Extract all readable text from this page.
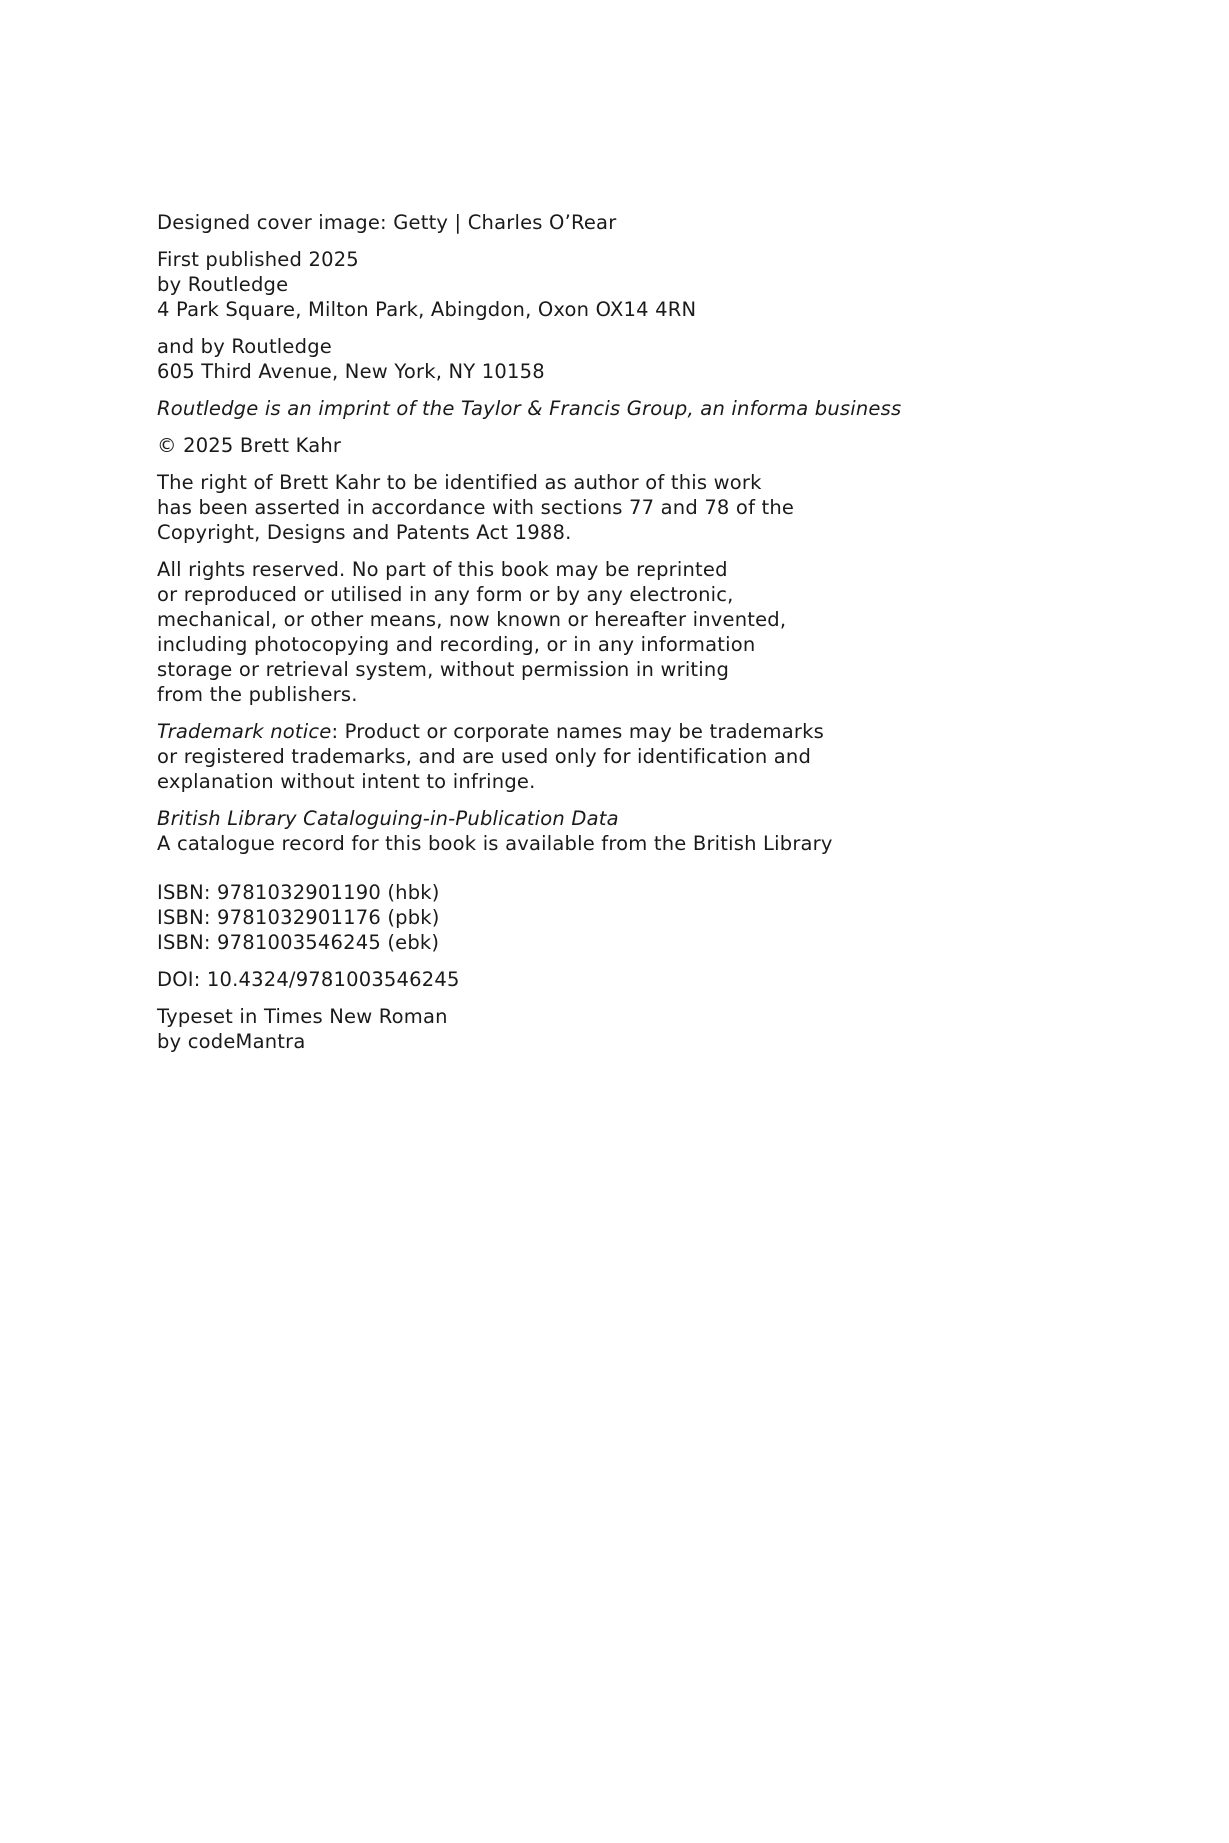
Designed cover image: Getty | Charles O’Rear
First published 2025
by Routledge
4 Park Square, Milton Park, Abingdon, Oxon OX14 4RN
and by Routledge
605 Third Avenue, New York, NY 10158
Routledge is an imprint of the Taylor & Francis Group, an informa business
© 2025 Brett Kahr
The right of Brett Kahr to be identified as author of this work
has been asserted in accordance with sections 77 and 78 of the
Copyright, Designs and Patents Act 1988.
All rights reserved. No part of this book may be reprinted
or reproduced or utilised in any form or by any electronic,
mechanical, or other means, now known or hereafter invented,
including photocopying and recording, or in any information
storage or retrieval system, without permission in writing
from the publishers.
Trademark notice: Product or corporate names may be trademarks
or registered trademarks, and are used only for identification and
explanation without intent to infringe.
British Library Cataloguing-in-Publication Data
A catalogue record for this book is available from the British Library
ISBN: 9781032901190 (hbk)
ISBN: 9781032901176 (pbk)
ISBN: 9781003546245 (ebk)
DOI: 10.4324/9781003546245
Typeset in Times New Roman
by codeMantra
